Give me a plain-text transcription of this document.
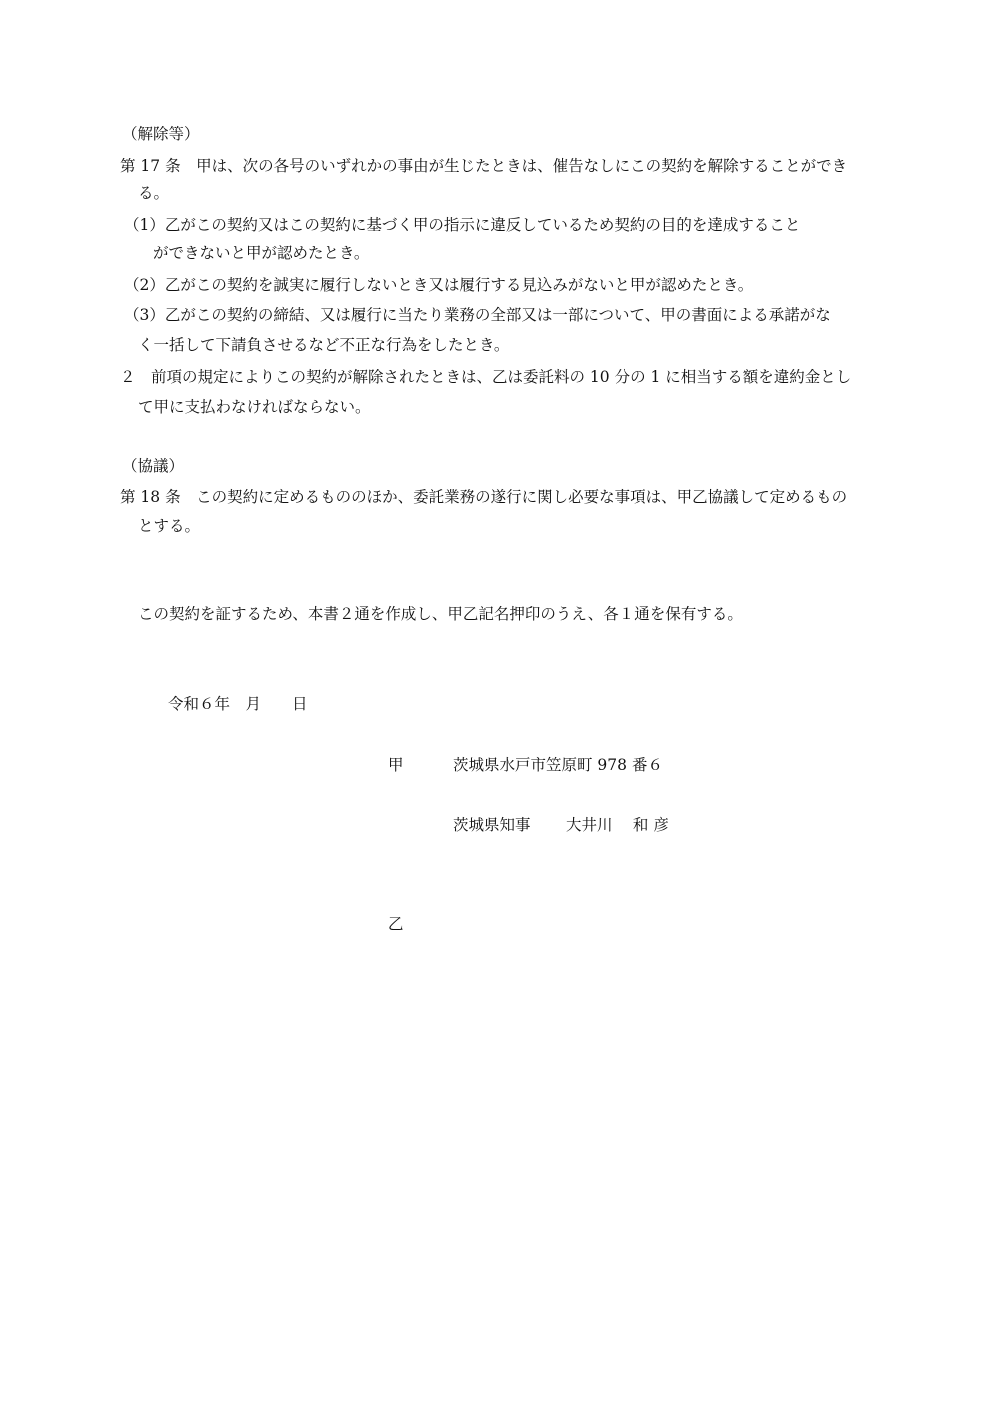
（解除等）
第 17 条　甲は、次の各号のいずれかの事由が生じたときは、催告なしにこの契約を解除することができ
る。
（1）乙がこの契約又はこの契約に基づく甲の指示に違反しているため契約の目的を達成すること
ができないと甲が認めたとき。
（2）乙がこの契約を誠実に履行しないとき又は履行する見込みがないと甲が認めたとき。
（3）乙がこの契約の締結、又は履行に当たり業務の全部又は一部について、甲の書面による承諾がな
く一括して下請負させるなど不正な行為をしたとき。
２　前項の規定によりこの契約が解除されたときは、乙は委託料の 10 分の 1 に相当する額を違約金とし
て甲に支払わなければならない。
（協議）
第 18 条　この契約に定めるもののほか、委託業務の遂行に関し必要な事項は、甲乙協議して定めるもの
とする。
この契約を証するため、本書２通を作成し、甲乙記名押印のうえ、各１通を保有する。
令和６年　月　　日
甲	茨城県水戸市笠原町 978 番６
茨城県知事 大井川　 和 彦
乙
